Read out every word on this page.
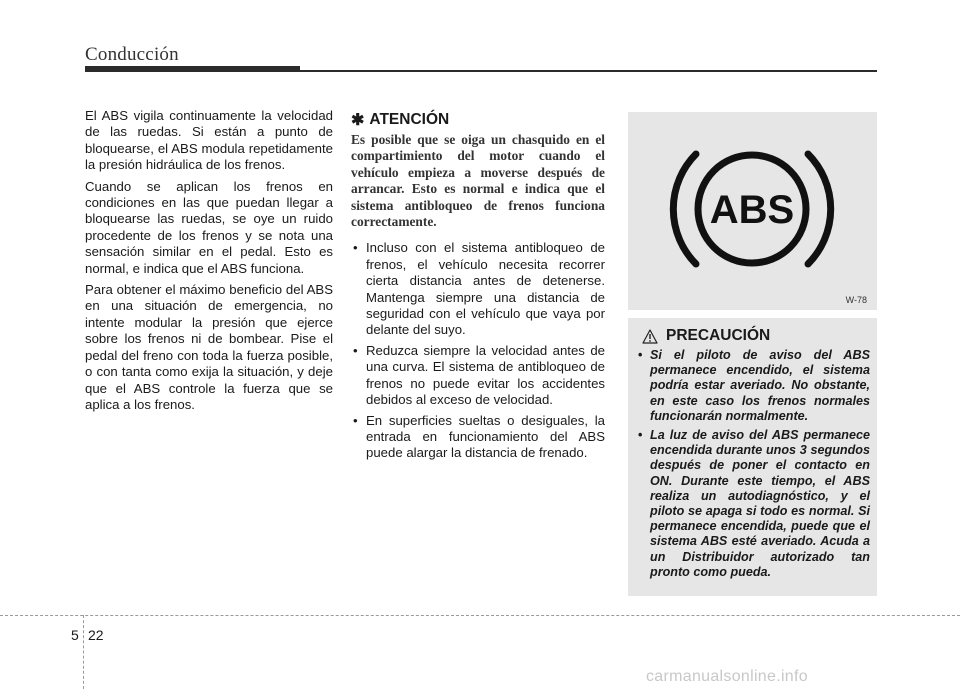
Conducción

El ABS vigila continuamente la velocidad de las ruedas. Si están a punto de bloquearse, el ABS modula repetidamente la presión hidráulica de los frenos.

Cuando se aplican los frenos en condiciones en las que puedan llegar a bloquearse las ruedas, se oye un ruido procedente de los frenos y se nota una sensación similar en el pedal. Esto es normal, e indica que el ABS funciona.

Para obtener el máximo beneficio del ABS en una situación de emergencia, no intente modular la presión que ejerce sobre los frenos ni de bombear. Pise el pedal del freno con toda la fuerza posible, o con tanta como exija la situación, y deje que el ABS controle la fuerza que se aplica a los frenos.

✱ ATENCIÓN
Es posible que se oiga un chasquido en el compartimiento del motor cuando el vehículo empieza a moverse después de arrancar. Esto es normal e indica que el sistema antibloqueo de frenos funciona correctamente.
• Incluso con el sistema antibloqueo de frenos, el vehículo necesita recorrer cierta distancia antes de detenerse. Mantenga siempre una distancia de seguridad con el vehículo que vaya por delante del suyo.
• Reduzca siempre la velocidad antes de una curva. El sistema de antibloqueo de frenos no puede evitar los accidentes debidos al exceso de velocidad.
• En superficies sueltas o desiguales, la entrada en funcionamiento del ABS puede alargar la distancia de frenado.
ABS
W-78
PRECAUCIÓN
• Si el piloto de aviso del ABS permanece encendido, el sistema podría estar averiado. No obstante, en este caso los frenos normales funcionarán normalmente.
• La luz de aviso del ABS permanece encendida durante unos 3 segundos después de poner el contacto en ON. Durante este tiempo, el ABS realiza un autodiagnóstico, y el piloto se apaga si todo es normal. Si permanece encendida, puede que el sistema ABS esté averiado. Acuda a un Distribuidor autorizado tan pronto como pueda.
5 22
carmanualsonline.info
